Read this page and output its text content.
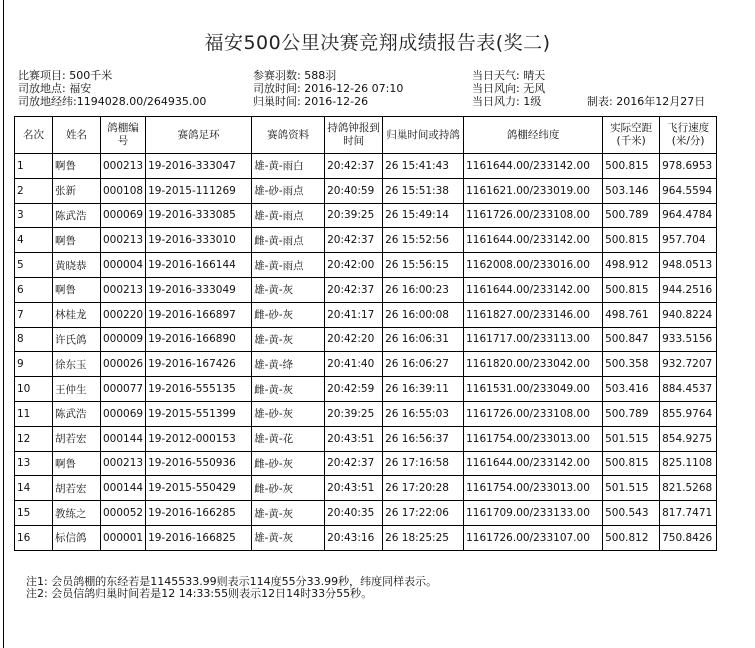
福安500公里决赛竞翔成绩报告表(奖二)
比赛项目: 500千米
司放地点: 福安
司放地经纬:1194028.00/264935.00
参赛羽数: 588羽
司放时间: 2016-12-26 07:10
归巢时间: 2016-12-26
当日天气: 晴天
当日风向: 无风
当日风力: 1级	制表: 2016年12月27日
名次	姓名	鸽棚编号	赛鸽足环	赛鸽资料	持鸽钟报到时间	归巢时间或持鸽	鸽棚经纬度	实际空距(千米)	飞行速度(米/分)
1	啊鲁	000213	19-2016-333047	雄-黄-雨白	20:42:37	26 15:41:43	1161644.00/233142.00	500.815	978.6953
2	张新	000108	19-2015-111269	雄-砂-雨点	20:40:59	26 15:51:38	1161621.00/233019.00	503.146	964.5594
3	陈武浩	000069	19-2016-333085	雄-黄-雨点	20:39:25	26 15:49:14	1161726.00/233108.00	500.789	964.4784
4	啊鲁	000213	19-2016-333010	雌-黄-雨点	20:42:37	26 15:52:56	1161644.00/233142.00	500.815	957.704
5	黄晓恭	000004	19-2016-166144	雄-黄-雨点	20:42:00	26 15:56:15	1162008.00/233016.00	498.912	948.0513
6	啊鲁	000213	19-2016-333049	雄-黄-灰	20:42:37	26 16:00:23	1161644.00/233142.00	500.815	944.2516
7	林桂龙	000220	19-2016-166897	雌-砂-灰	20:41:17	26 16:00:08	1161827.00/233146.00	498.761	940.8224
8	许氏鸽	000009	19-2016-166890	雄-黄-灰	20:42:20	26 16:06:31	1161717.00/233113.00	500.847	933.5156
9	徐东玉	000026	19-2016-167426	雄-黄-绛	20:41:40	26 16:06:27	1161820.00/233042.00	500.358	932.7207
10	王仲生	000077	19-2016-555135	雌-黄-灰	20:42:59	26 16:39:11	1161531.00/233049.00	503.416	884.4537
11	陈武浩	000069	19-2015-551399	雄-砂-灰	20:39:25	26 16:55:03	1161726.00/233108.00	500.789	855.9764
12	胡若宏	000144	19-2012-000153	雄-黄-花	20:43:51	26 16:56:37	1161754.00/233013.00	501.515	854.9275
13	啊鲁	000213	19-2016-550936	雌-砂-灰	20:42:37	26 17:16:58	1161644.00/233142.00	500.815	825.1108
14	胡若宏	000144	19-2015-550429	雌-砂-灰	20:43:51	26 17:20:28	1161754.00/233013.00	501.515	821.5268
15	教练之	000052	19-2016-166285	雄-黄-灰	20:40:35	26 17:22:06	1161709.00/233133.00	500.543	817.7471
16	标信鸽	000001	19-2016-166825	雄-黄-灰	20:43:16	26 18:25:25	1161726.00/233107.00	500.812	750.8426
注1: 会员鸽棚的东经若是1145533.99则表示114度55分33.99秒，纬度同样表示。
注2: 会员信鸽归巢时间若是12 14:33:55则表示12日14时33分55秒。
